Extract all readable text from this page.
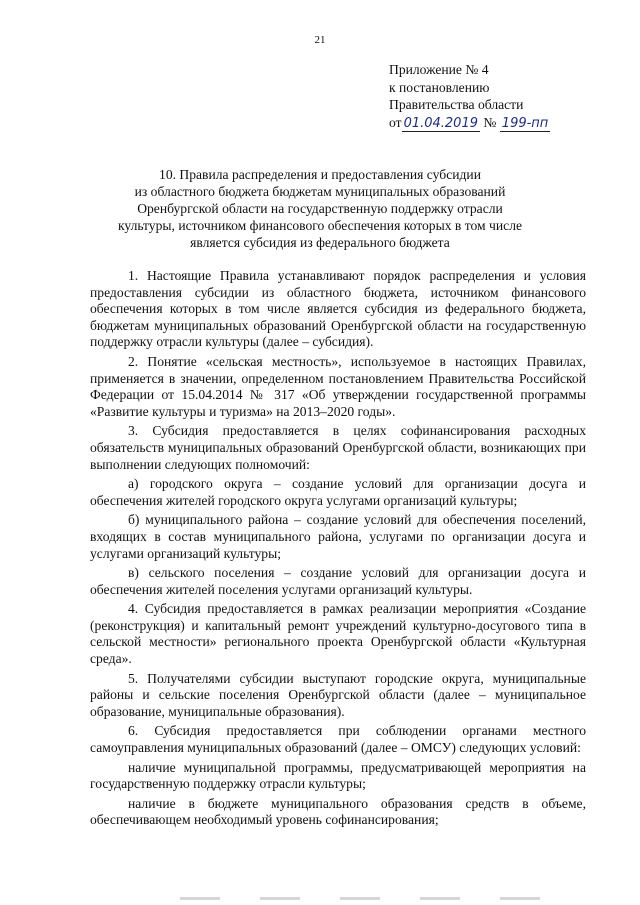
21
Приложение № 4
к постановлению
Правительства области
от 01.04.2019 № 199-пп
10. Правила распределения и предоставления субсидии
из областного бюджета бюджетам муниципальных образований
Оренбургской области на государственную поддержку отрасли
культуры, источником финансового обеспечения которых в том числе
является субсидия из федерального бюджета

1. Настоящие Правила устанавливают порядок распределения и условия предоставления субсидии из областного бюджета, источником финансового обеспечения которых в том числе является субсидия из федерального бюджета, бюджетам муниципальных образований Оренбургской области на государственную поддержку отрасли культуры (далее – субсидия).

2. Понятие «сельская местность», используемое в настоящих Правилах, применяется в значении, определенном постановлением Правительства Российской Федерации от 15.04.2014 № 317 «Об утверждении государственной программы «Развитие культуры и туризма» на 2013–2020 годы».

3. Субсидия предоставляется в целях софинансирования расходных обязательств муниципальных образований Оренбургской области, возникающих при выполнении следующих полномочий:

а) городского округа – создание условий для организации досуга и обеспечения жителей городского округа услугами организаций культуры;

б) муниципального района – создание условий для обеспечения поселений, входящих в состав муниципального района, услугами по организации досуга и услугами организаций культуры;

в) сельского поселения – создание условий для организации досуга и обеспечения жителей поселения услугами организаций культуры.

4. Субсидия предоставляется в рамках реализации мероприятия «Создание (реконструкция) и капитальный ремонт учреждений культурно-досугового типа в сельской местности» регионального проекта Оренбургской области «Культурная среда».

5. Получателями субсидии выступают городские округа, муниципальные районы и сельские поселения Оренбургской области (далее – муниципальное образование, муниципальные образования).

6. Субсидия предоставляется при соблюдении органами местного самоуправления муниципальных образований (далее – ОМСУ) следующих условий:

наличие муниципальной программы, предусматривающей мероприятия на государственную поддержку отрасли культуры;

наличие в бюджете муниципального образования средств в объеме, обеспечивающем необходимый уровень софинансирования;
